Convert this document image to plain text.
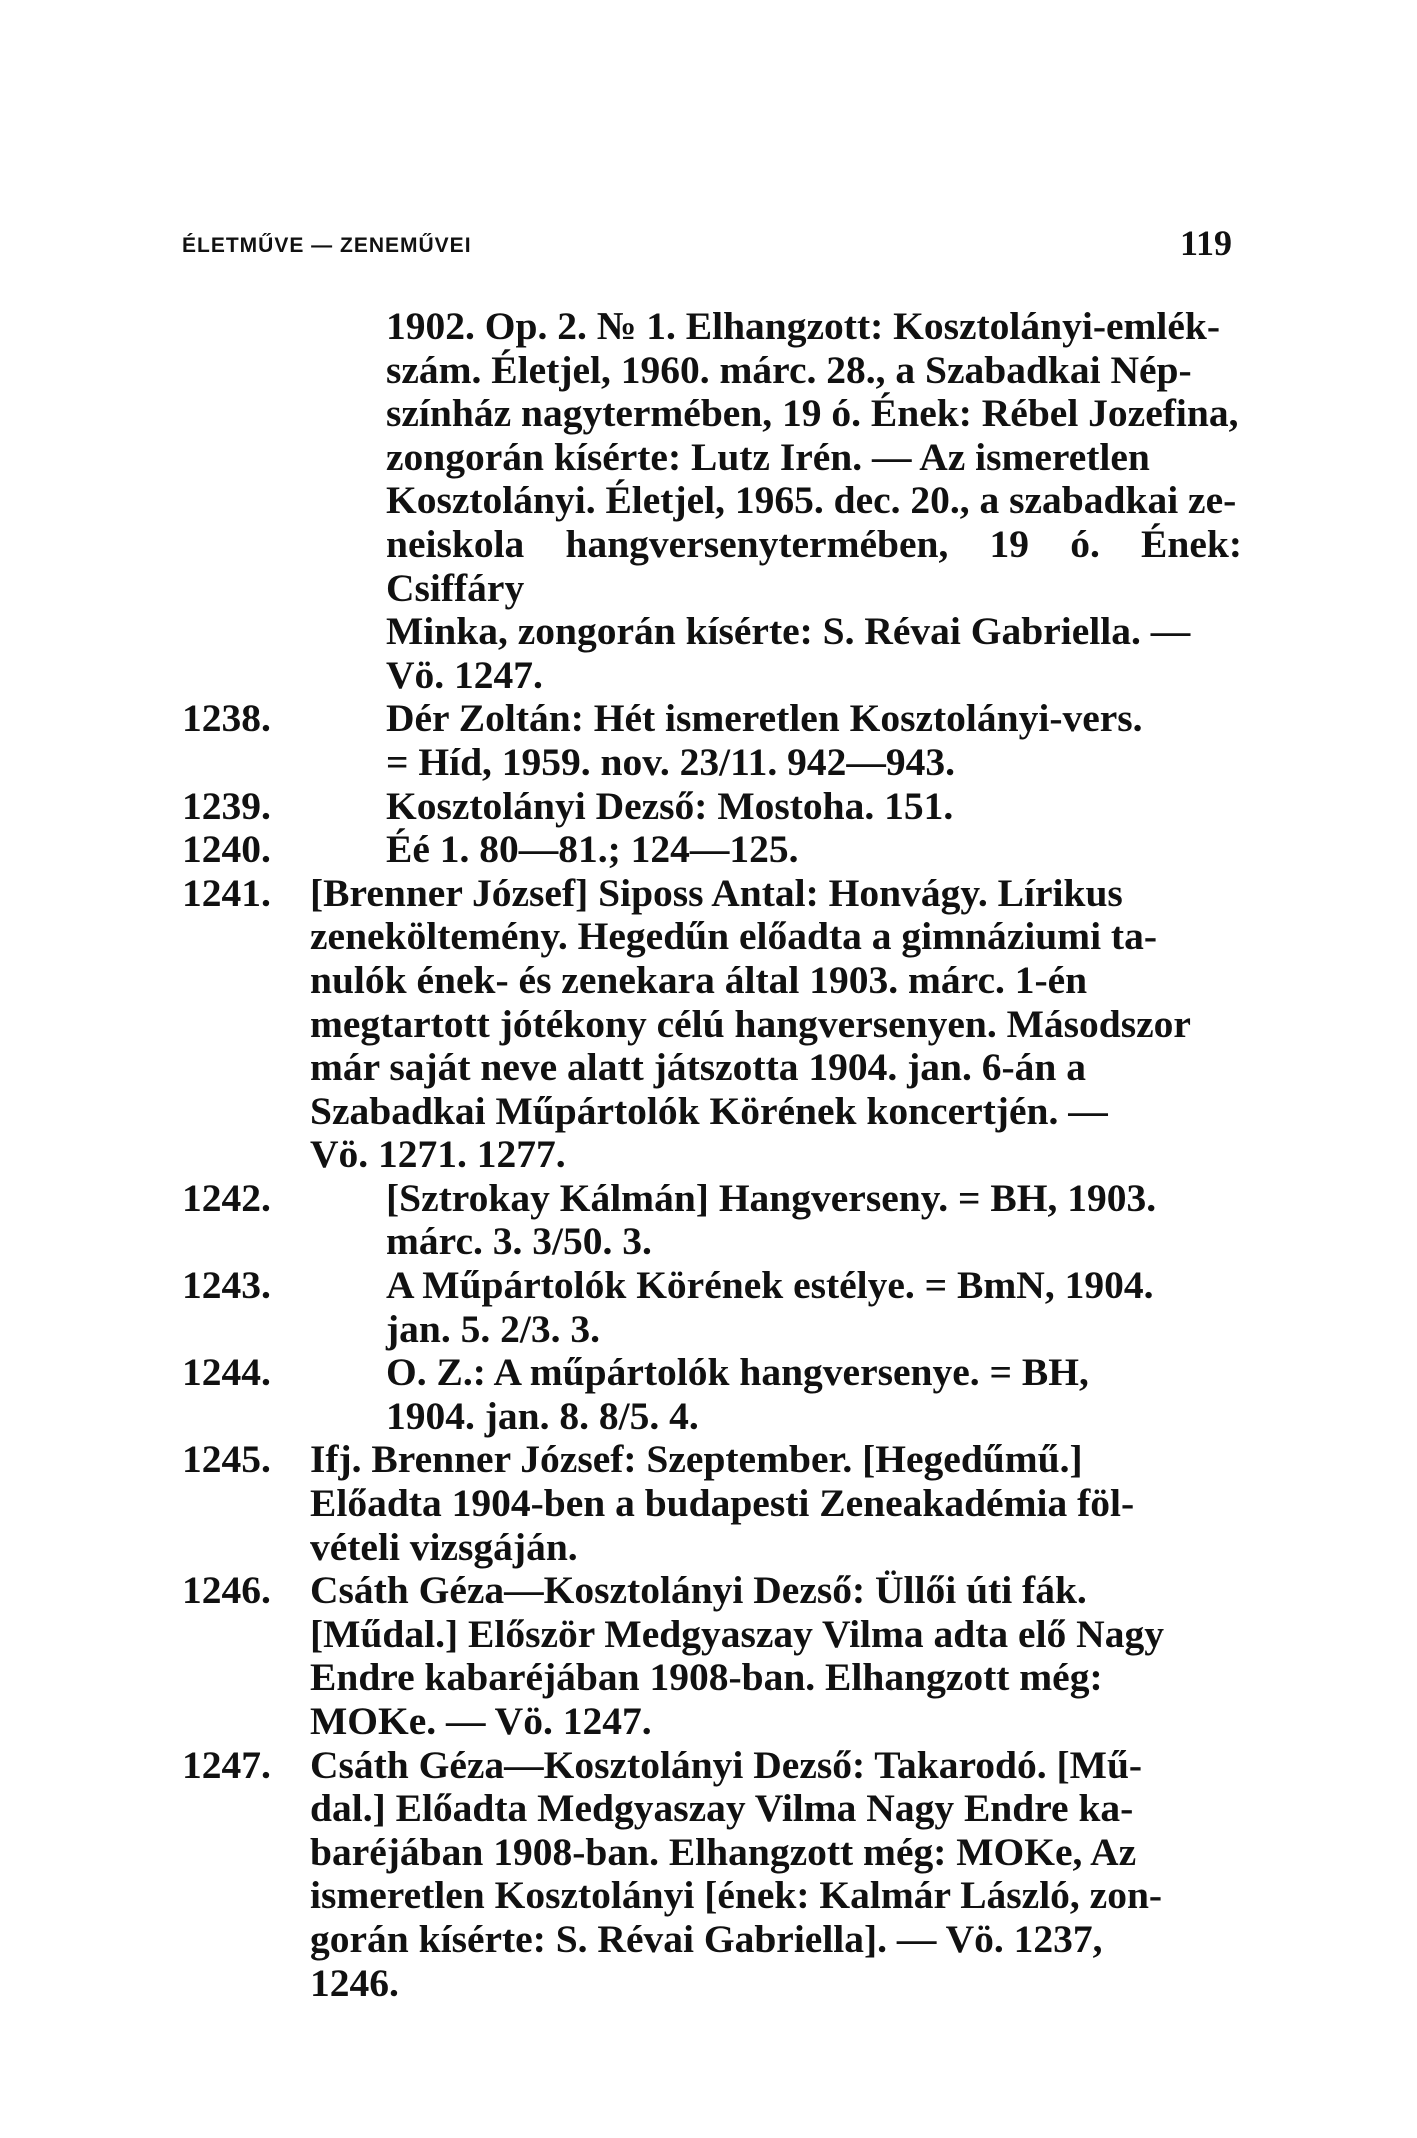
ÉLETMŰVE — ZENEMŰVEI	119
1902. Op. 2. № 1. Elhangzott: Kosztolányi-emlék-
szám. Életjel, 1960. márc. 28., a Szabadkai Nép-
színház nagytermében, 19 ó. Ének: Rébel Jozefina,
zongorán kísérte: Lutz Irén. — Az ismeretlen
Kosztolányi. Életjel, 1965. dec. 20., a szabadkai ze-
neiskola hangversenytermében, 19 ó. Ének: Csiffáry
Minka, zongorán kísérte: S. Révai Gabriella. —
Vö. 1247.
1238.	Dér Zoltán: Hét ismeretlen Kosztolányi-vers.
= Híd, 1959. nov. 23/11. 942—943.
1239.	Kosztolányi Dezső: Mostoha. 151.
1240.	Éé 1. 80—81.; 124—125.
1241. [Brenner József] Siposs Antal: Honvágy. Lírikus
zeneköltemény. Hegedűn előadta a gimnáziumi ta-
nulók ének- és zenekara által 1903. márc. 1-én
megtartott jótékony célú hangversenyen. Másodszor
már saját neve alatt játszotta 1904. jan. 6-án a
Szabadkai Műpártolók Körének koncertjén. —
Vö. 1271. 1277.
1242.	[Sztrokay Kálmán] Hangverseny. = BH, 1903.
márc. 3. 3/50. 3.
1243.	A Műpártolók Körének estélye. = BmN, 1904.
jan. 5. 2/3. 3.
1244.	O. Z.: A műpártolók hangversenye. = BH,
1904. jan. 8. 8/5. 4.
1245. Ifj. Brenner József: Szeptember. [Hegedűmű.]
Előadta 1904-ben a budapesti Zeneakadémia föl-
vételi vizsgáján.
1246. Csáth Géza—Kosztolányi Dezső: Üllői úti fák.
[Műdal.] Először Medgyaszay Vilma adta elő Nagy
Endre kabaréjában 1908-ban. Elhangzott még:
MOKe. — Vö. 1247.
1247. Csáth Géza—Kosztolányi Dezső: Takarodó. [Mű-
dal.] Előadta Medgyaszay Vilma Nagy Endre ka-
baréjában 1908-ban. Elhangzott még: MOKe, Az
ismeretlen Kosztolányi [ének: Kalmár László, zon-
gorán kísérte: S. Révai Gabriella]. — Vö. 1237,
1246.
